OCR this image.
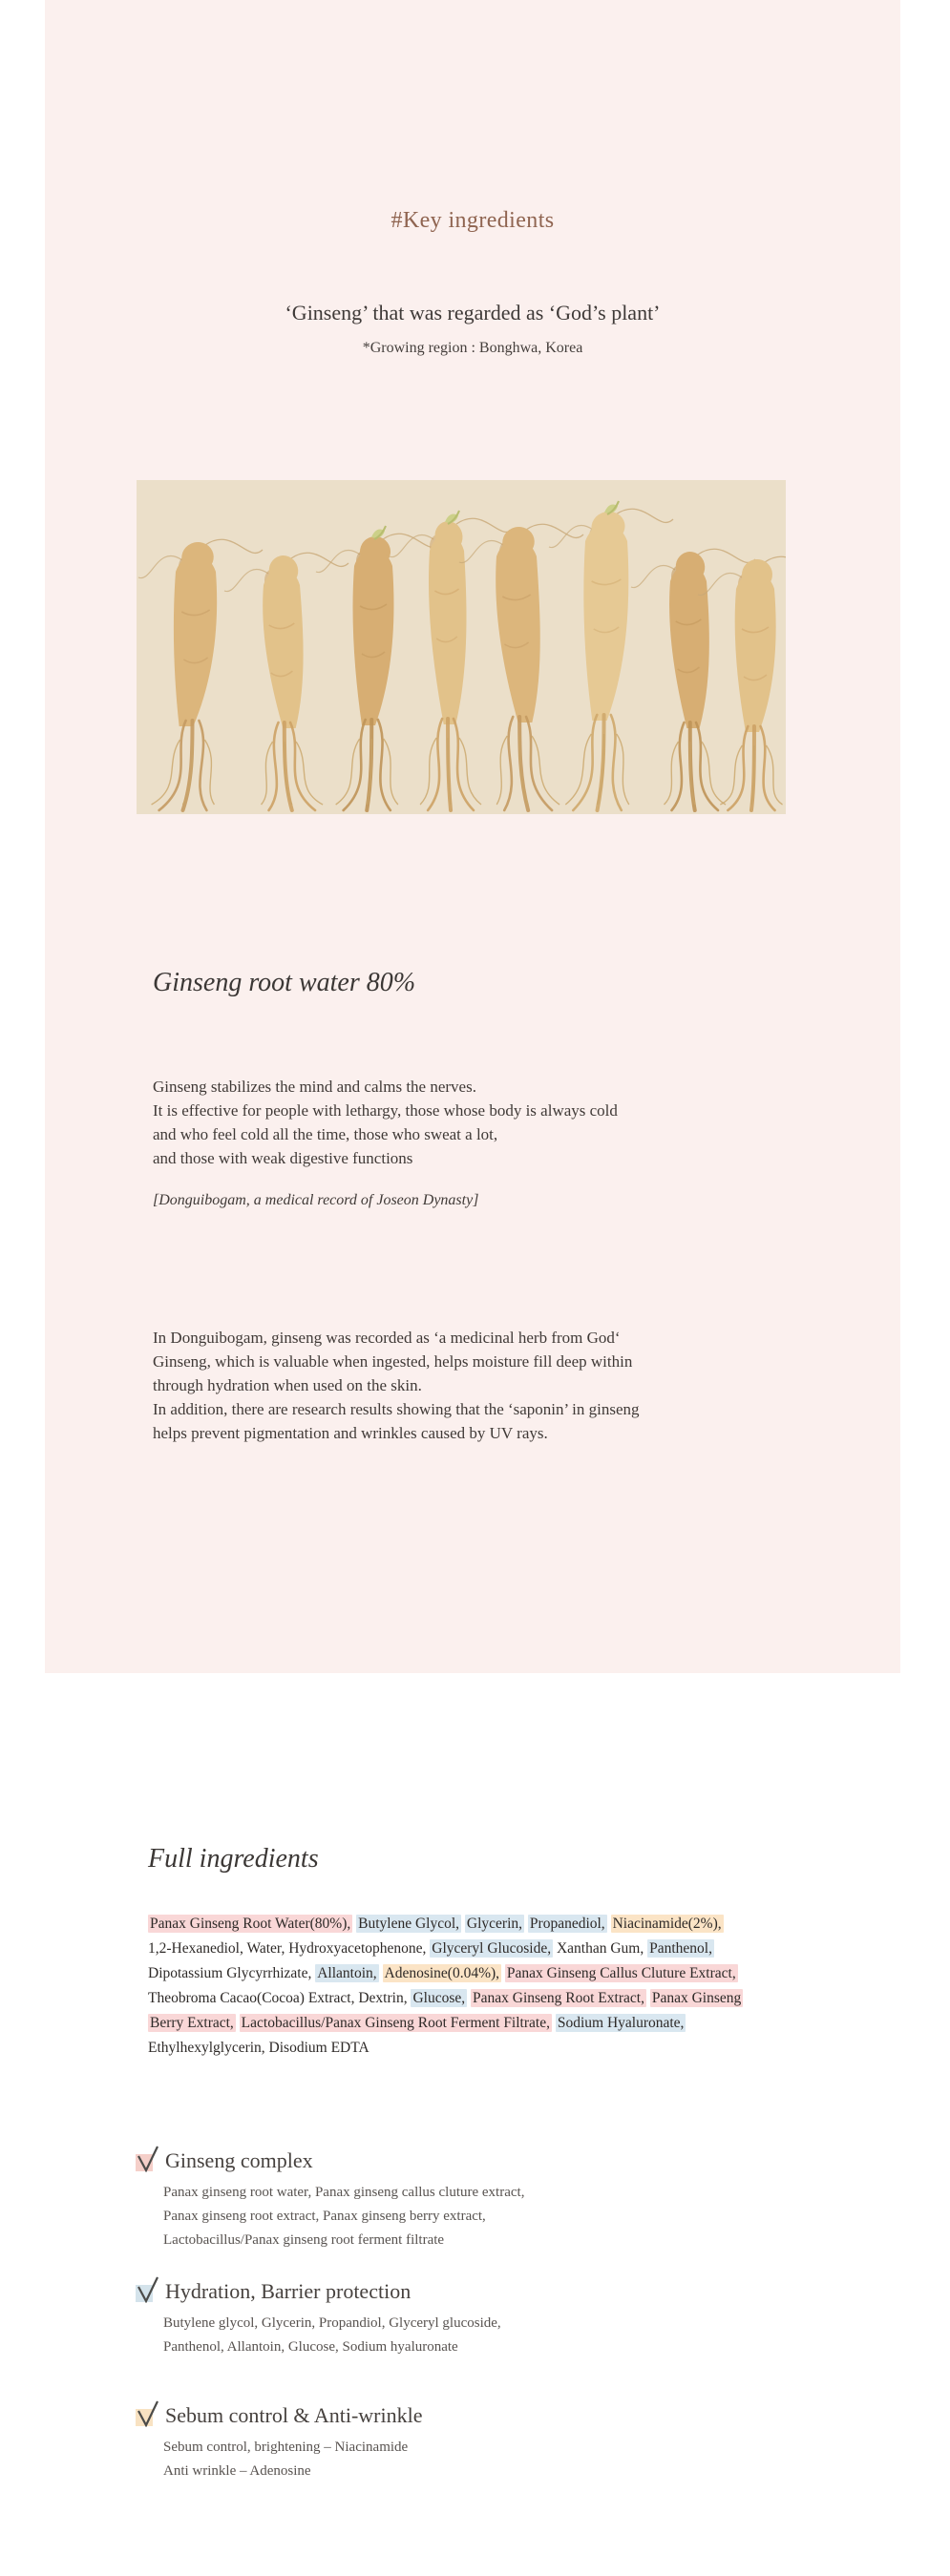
#Key ingredients
‘Ginseng’ that was regarded as ‘God’s plant’
*Growing region : Bonghwa, Korea
Ginseng root water 80%
Ginseng stabilizes the mind and calms the nerves.
It is effective for people with lethargy, those whose body is always cold
and who feel cold all the time, those who sweat a lot,
and those with weak digestive functions
[Donguibogam, a medical record of Joseon Dynasty]
In Donguibogam, ginseng was recorded as ‘a medicinal herb from God‘
Ginseng, which is valuable when ingested, helps moisture fill deep within
through hydration when used on the skin.
In addition, there are research results showing that the ‘saponin’ in ginseng
helps prevent pigmentation and wrinkles caused by UV rays.
Full ingredients
Panax Ginseng Root Water(80%), Butylene Glycol, Glycerin, Propanediol, Niacinamide(2%),
1,2-Hexanediol, Water, Hydroxyacetophenone, Glyceryl Glucoside, Xanthan Gum, Panthenol,
Dipotassium Glycyrrhizate, Allantoin, Adenosine(0.04%), Panax Ginseng Callus Cluture Extract,
Theobroma Cacao(Cocoa) Extract, Dextrin, Glucose, Panax Ginseng Root Extract, Panax Ginseng
Berry Extract, Lactobacillus/Panax Ginseng Root Ferment Filtrate, Sodium Hyaluronate,
Ethylhexylglycerin, Disodium EDTA
Ginseng complex
Panax ginseng root water, Panax ginseng callus cluture extract,
Panax ginseng root extract, Panax ginseng berry extract,
Lactobacillus/Panax ginseng root ferment filtrate
Hydration, Barrier protection
Butylene glycol, Glycerin, Propandiol, Glyceryl glucoside,
Panthenol, Allantoin, Glucose, Sodium hyaluronate
Sebum control & Anti-wrinkle
Sebum control, brightening – Niacinamide
Anti wrinkle – Adenosine
